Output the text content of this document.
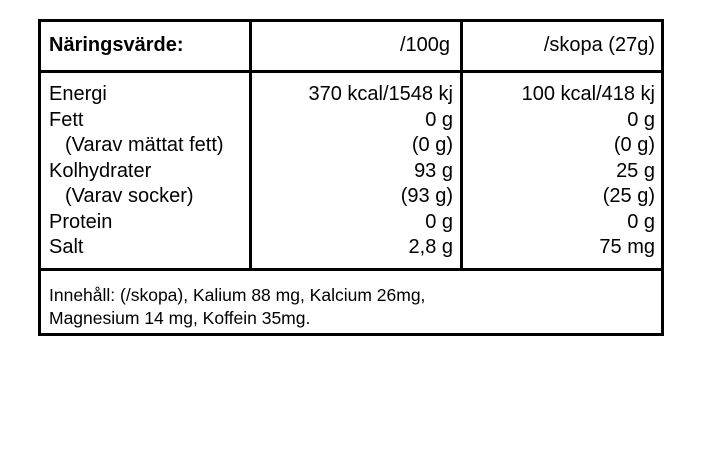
Näringsvärde:	/100g	/skopa (27g)
Energi	370 kcal/1548 kj	100 kcal/418 kj
Fett	0 g	0 g
(Varav mättat fett)	(0 g)	(0 g)
Kolhydrater	93 g	25 g
(Varav socker)	(93 g)	(25 g)
Protein	0 g	0 g
Salt	2,8 g	75 mg
Innehåll: (/skopa), Kalium 88 mg, Kalcium 26mg,
Magnesium 14 mg, Koffein 35mg.
